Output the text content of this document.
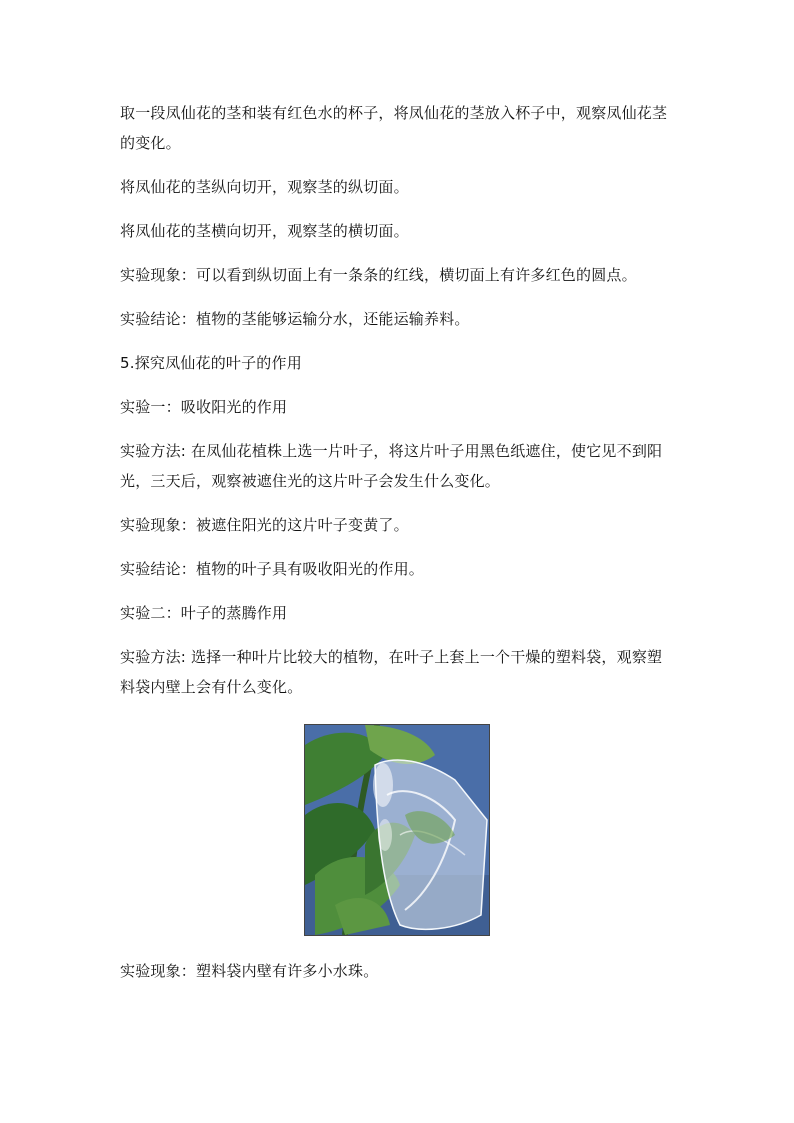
取一段凤仙花的茎和装有红色水的杯子，将凤仙花的茎放入杯子中，观察凤仙花茎的变化。

将凤仙花的茎纵向切开，观察茎的纵切面。

将凤仙花的茎横向切开，观察茎的横切面。

实验现象：可以看到纵切面上有一条条的红线，横切面上有许多红色的圆点。

实验结论：植物的茎能够运输分水，还能运输养料。

5.探究凤仙花的叶子的作用

实验一：吸收阳光的作用

实验方法: 在凤仙花植株上选一片叶子，将这片叶子用黑色纸遮住，使它见不到阳光，三天后，观察被遮住光的这片叶子会发生什么变化。

实验现象：被遮住阳光的这片叶子变黄了。

实验结论：植物的叶子具有吸收阳光的作用。

实验二：叶子的蒸腾作用

实验方法: 选择一种叶片比较大的植物，在叶子上套上一个干燥的塑料袋，观察塑料袋内壁上会有什么变化。

实验现象：塑料袋内壁有许多小水珠。
